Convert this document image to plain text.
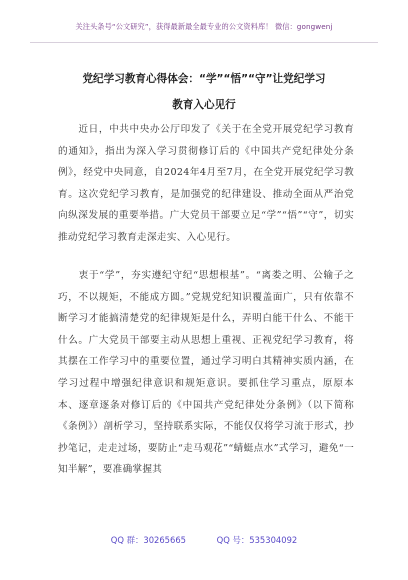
关注头条号“公文研究”，获得最新最全最专业的公文资料库！ 微信：gongwenj
党纪学习教育心得体会：“学”“悟”“守”让党纪学习
教育入心见行
　　近日，中共中央办公厅印发了《关于在全党开展党纪学习教育的通知》，指出为深入学习贯彻修订后的《中国共产党纪律处分条例》，经党中央同意，自2024年4月至7月，在全党开展党纪学习教育。这次党纪学习教育，是加强党的纪律建设、推动全面从严治党向纵深发展的重要举措。广大党员干部要立足“学”“悟”“守”，切实推动党纪学习教育走深走实、入心见行。
　　衷于“学”，夯实遵纪守纪“思想根基”。“离娄之明、公输子之巧，不以规矩，不能成方圆。”党规党纪知识覆盖面广，只有依靠不断学习才能搞清楚党的纪律规矩是什么，弄明白能干什么、不能干什么。广大党员干部要主动从思想上重视、正视党纪学习教育，将其摆在工作学习中的重要位置，通过学习明白其精神实质内涵，在学习过程中增强纪律意识和规矩意识。要抓住学习重点，原原本本、逐章逐条对修订后的《中国共产党纪律处分条例》（以下简称《条例》）剖析学习，坚持联系实际，不能仅仅将学习流于形式，抄抄笔记，走走过场，要防止“走马观花”“蜻蜓点水”式学习，避免“一知半解”，要准确掌握其
QQ 群：30265665	QQ 号：535304092
